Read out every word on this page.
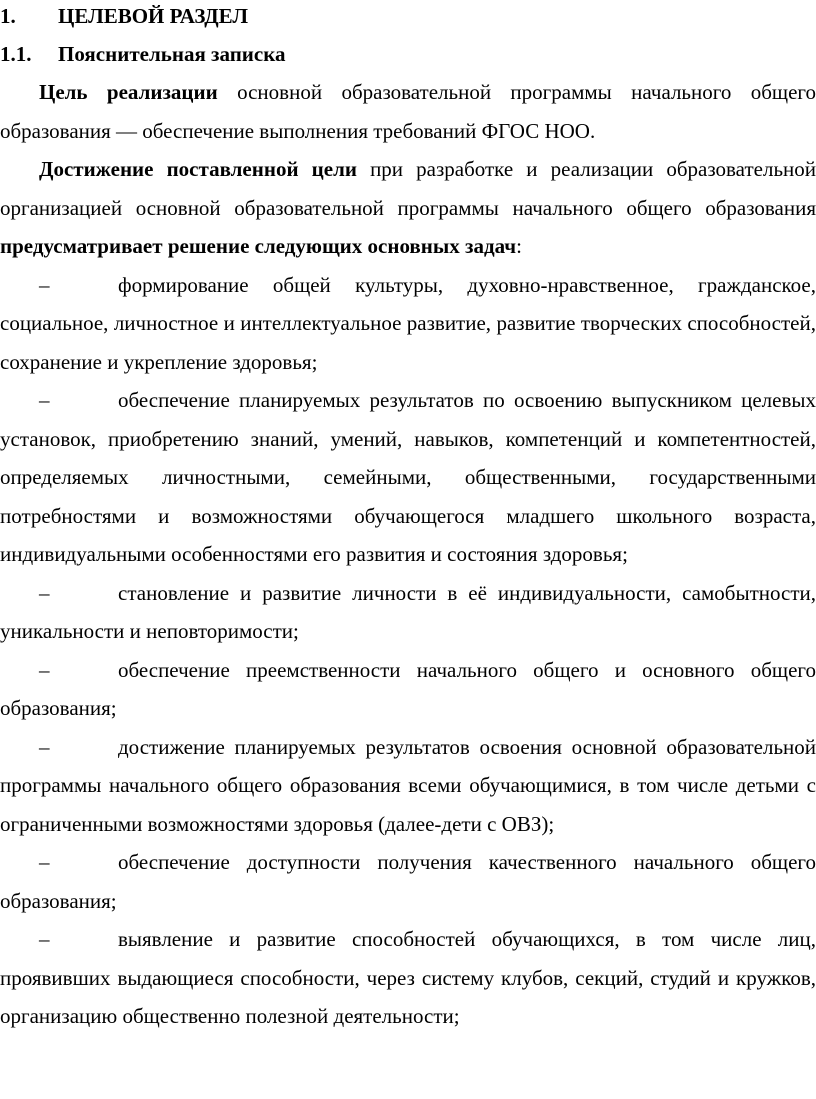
1. ЦЕЛЕВОЙ РАЗДЕЛ
1.1. Пояснительная записка

Цель реализации основной образовательной программы начального общего образования — обеспечение выполнения требований ФГОС НОО.

Достижение поставленной цели при разработке и реализации образовательной организацией основной образовательной программы начального общего образования предусматривает решение следующих основных задач:

–	формирование общей культуры, духовно-нравственное, гражданское, социальное, личностное и интеллектуальное развитие, развитие творческих способностей, сохранение и укрепление здоровья;

–	обеспечение планируемых результатов по освоению выпускником целевых установок, приобретению знаний, умений, навыков, компетенций и компетентностей, определяемых личностными, семейными, общественными, государственными потребностями и возможностями обучающегося младшего школьного возраста, индивидуальными особенностями его развития и состояния здоровья;

–	становление и развитие личности в её индивидуальности, самобытности, уникальности и неповторимости;

–	обеспечение преемственности начального общего и основного общего образования;

–	достижение планируемых результатов освоения основной образовательной программы начального общего образования всеми обучающимися, в том числе детьми с ограниченными возможностями здоровья (далее-дети с ОВЗ);

–	обеспечение доступности получения качественного начального общего образования;

–	выявление и развитие способностей обучающихся, в том числе лиц, проявивших выдающиеся способности, через систему клубов, секций, студий и кружков, организацию общественно полезной деятельности;
